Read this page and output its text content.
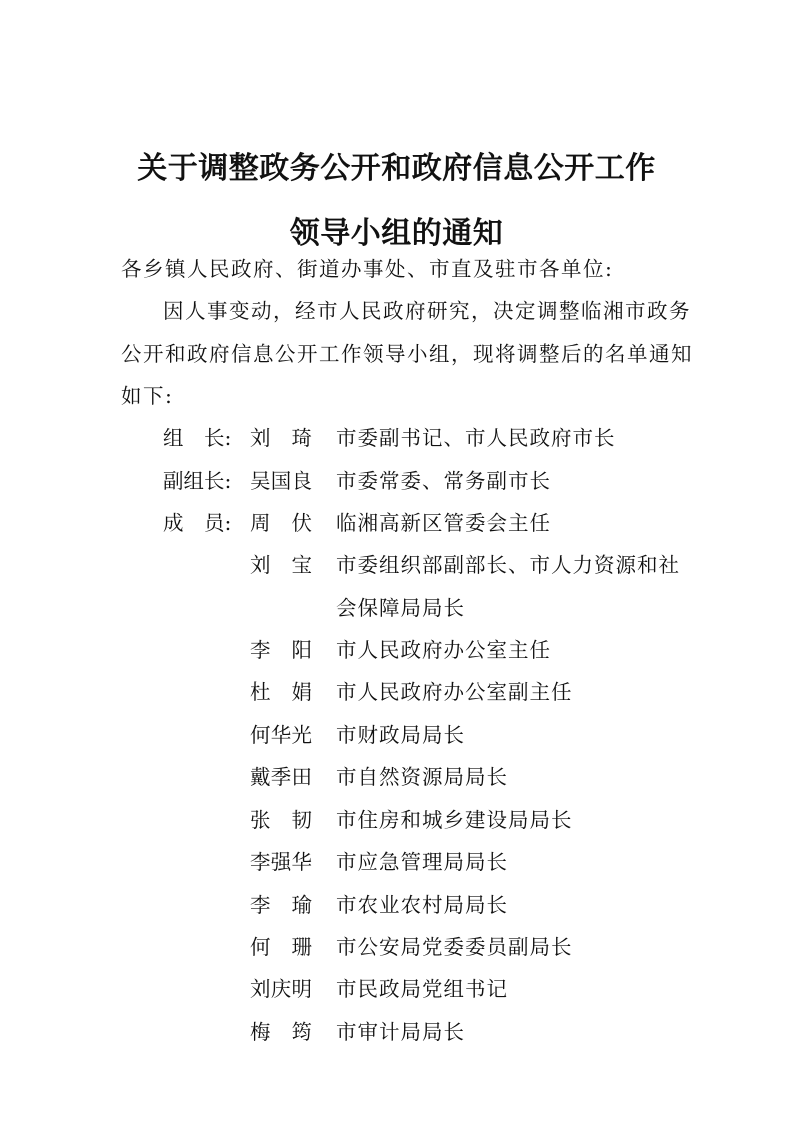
关于调整政务公开和政府信息公开工作
领导小组的通知
各乡镇人民政府、街道办事处、市直及驻市各单位:
因人事变动，经市人民政府研究，决定调整临湘市政务
公开和政府信息公开工作领导小组，现将调整后的名单通知
如下:
组　长: 刘　琦 市委副书记、市人民政府市长
副组长: 吴国良 市委常委、常务副市长
成　员: 周　伏 临湘高新区管委会主任
刘　宝 市委组织部副部长、市人力资源和社
会保障局局长
李　阳 市人民政府办公室主任
杜　娟 市人民政府办公室副主任
何华光 市财政局局长
戴季田 市自然资源局局长
张　韧 市住房和城乡建设局局长
李强华 市应急管理局局长
李　瑜 市农业农村局局长
何　珊 市公安局党委委员副局长
刘庆明 市民政局党组书记
梅　筠 市审计局局长
